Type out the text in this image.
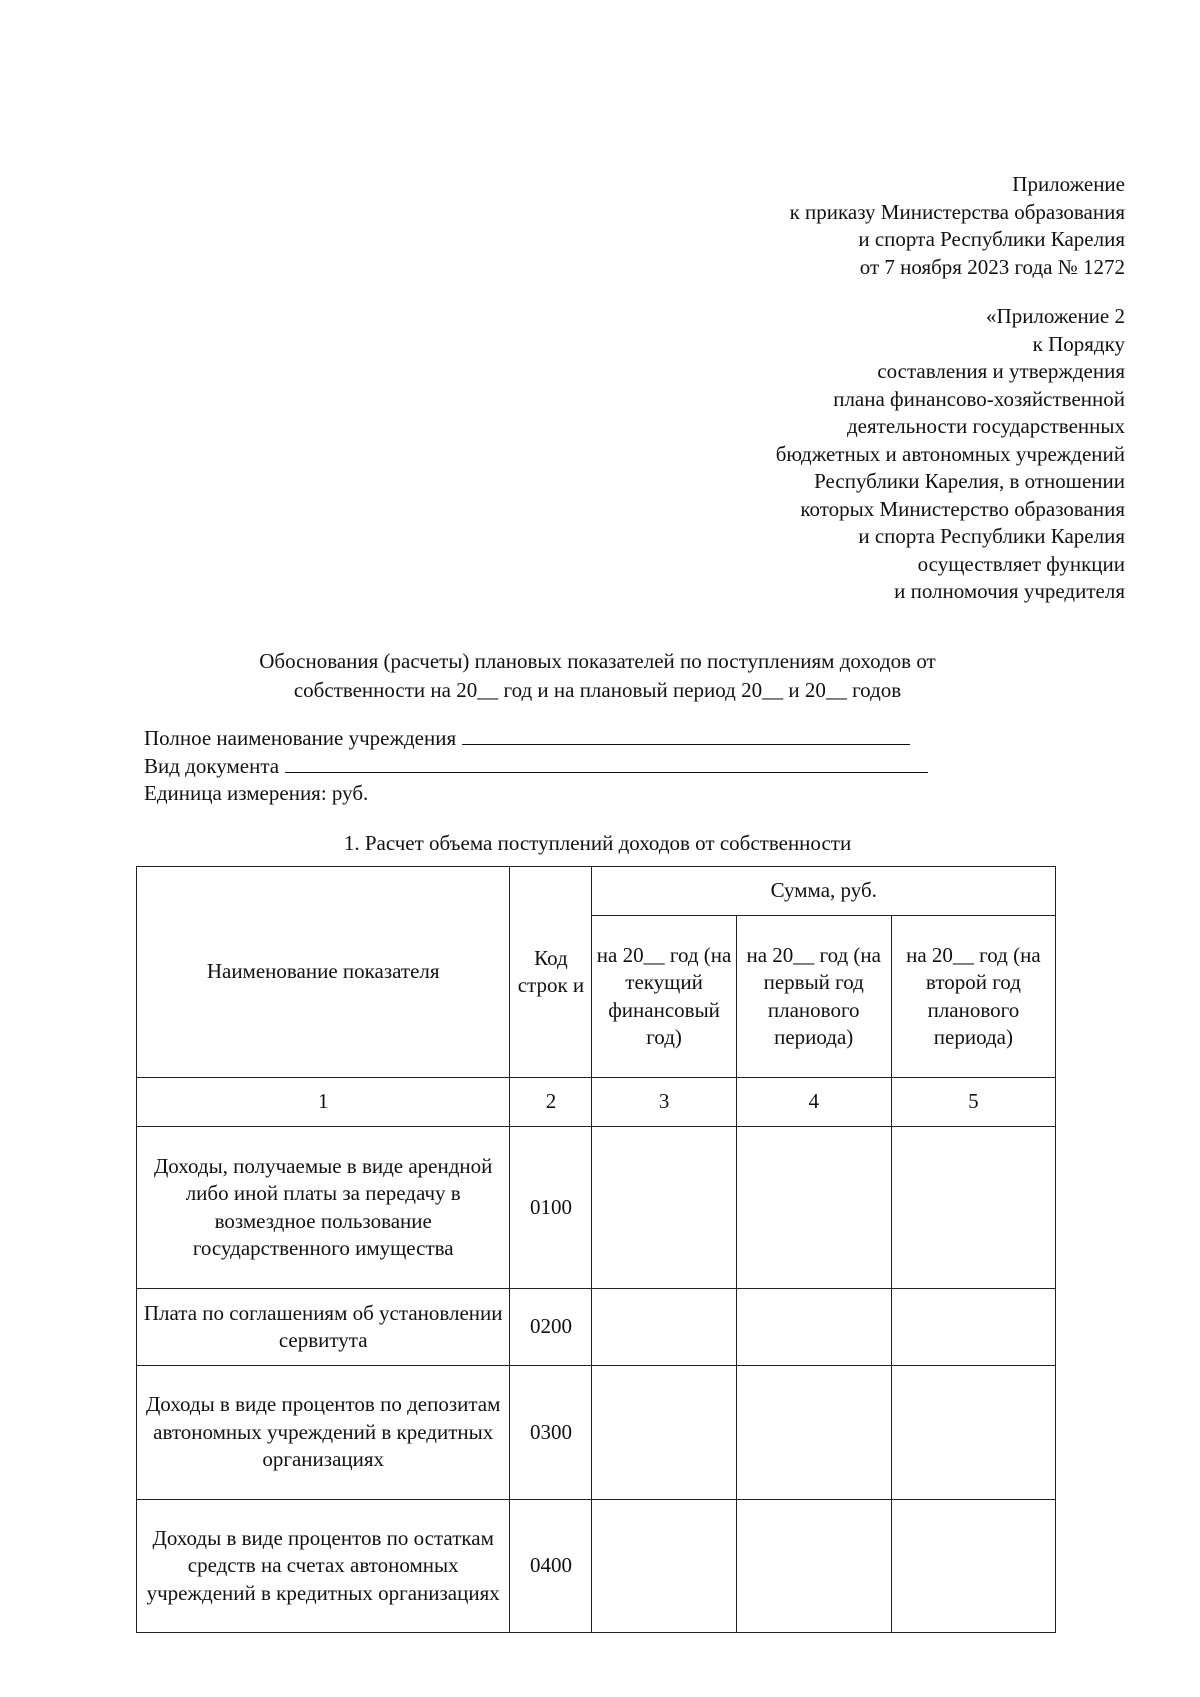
Приложение
к приказу Министерства образования
и спорта Республики Карелия
от 7 ноября 2023 года № 1272
«Приложение 2
к Порядку
составления и утверждения
плана финансово-хозяйственной
деятельности государственных
бюджетных и автономных учреждений
Республики Карелия, в отношении
которых Министерство образования
и спорта Республики Карелия
осуществляет функции
и полномочия учредителя
Обоснования (расчеты) плановых показателей по поступлениям доходов от
собственности на 20__ год и на плановый период 20__ и 20__ годов
Полное наименование учреждения
Вид документа
Единица измерения: руб.
1. Расчет объема поступлений доходов от собственности
Наименование показателя	Код строк и	Сумма, руб.		
		на 20__ год (на текущий финансовый год)	на 20__ год (на первый год планового периода)	на 20__ год (на второй год планового периода)
1	2	3	4	5
Доходы, получаемые в виде арендной либо иной платы за передачу в возмездное пользование государственного имущества	0100			
Плата по соглашениям об установлении сервитута	0200			
Доходы в виде процентов по депозитам автономных учреждений в кредитных организациях	0300			
Доходы в виде процентов по остаткам средств на счетах автономных учреждений в кредитных организациях	0400			
